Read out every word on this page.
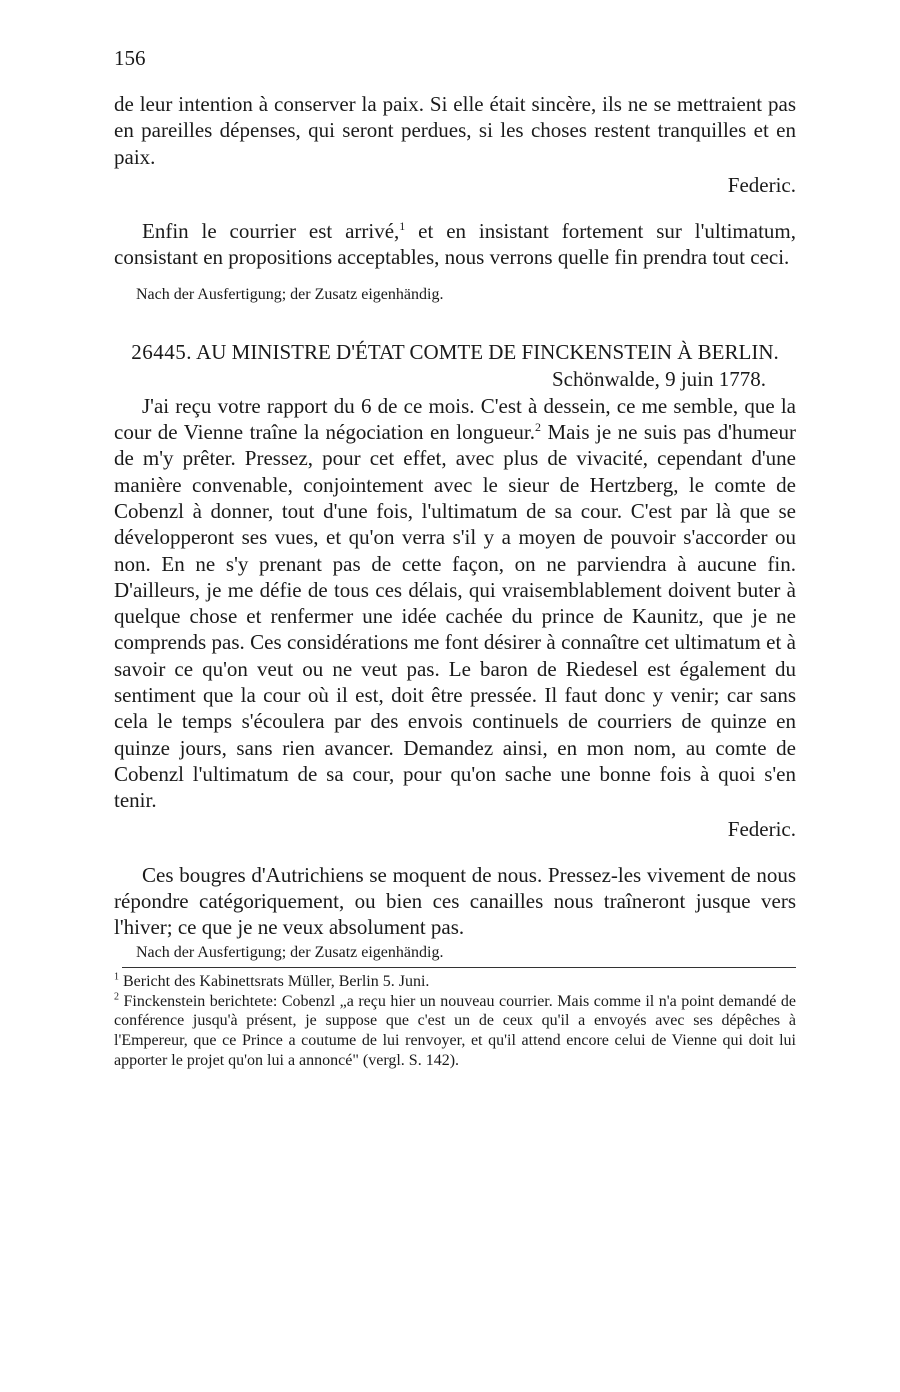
156

de leur intention à conserver la paix. Si elle était sincère, ils ne se mettraient pas en pareilles dépenses, qui seront perdues, si les choses restent tranquilles et en paix.

Federic.

Enfin le courrier est arrivé,$^1$ et en insistant fortement sur l'ultimatum, consistant en propositions acceptables, nous verrons quelle fin prendra tout ceci.

Nach der Ausfertigung; der Zusatz eigenhändig.
26445. AU MINISTRE D'ÉTAT COMTE DE FINCKENSTEIN À BERLIN.
Schönwalde, 9 juin 1778.

J'ai reçu votre rapport du 6 de ce mois. C'est à dessein, ce me semble, que la cour de Vienne traîne la négociation en longueur.$^2$ Mais je ne suis pas d'humeur de m'y prêter. Pressez, pour cet effet, avec plus de vivacité, cependant d'une manière convenable, conjointement avec le sieur de Hertzberg, le comte de Cobenzl à donner, tout d'une fois, l'ultimatum de sa cour. C'est par là que se développeront ses vues, et qu'on verra s'il y a moyen de pouvoir s'accorder ou non. En ne s'y prenant pas de cette façon, on ne parviendra à aucune fin. D'ailleurs, je me défie de tous ces délais, qui vraisemblablement doivent buter à quelque chose et renfermer une idée cachée du prince de Kaunitz, que je ne comprends pas. Ces considérations me font désirer à connaître cet ultimatum et à savoir ce qu'on veut ou ne veut pas. Le baron de Riedesel est également du sentiment que la cour où il est, doit être pressée. Il faut donc y venir; car sans cela le temps s'écoulera par des envois continuels de courriers de quinze en quinze jours, sans rien avancer. Demandez ainsi, en mon nom, au comte de Cobenzl l'ultimatum de sa cour, pour qu'on sache une bonne fois à quoi s'en tenir.

Federic.

Ces bougres d'Autrichiens se moquent de nous. Pressez-les vivement de nous répondre catégoriquement, ou bien ces canailles nous traîneront jusque vers l'hiver; ce que je ne veux absolument pas.

Nach der Ausfertigung; der Zusatz eigenhändig.
$^1$ Bericht des Kabinettsrats Müller, Berlin 5. Juni.
$^2$ Finckenstein berichtete: Cobenzl „a reçu hier un nouveau courrier. Mais comme il n'a point demandé de conférence jusqu'à présent, je suppose que c'est un de ceux qu'il a envoyés avec ses dépêches à l'Empereur, que ce Prince a coutume de lui renvoyer, et qu'il attend encore celui de Vienne qui doit lui apporter le projet qu'on lui a annoncé" (vergl. S. 142).
